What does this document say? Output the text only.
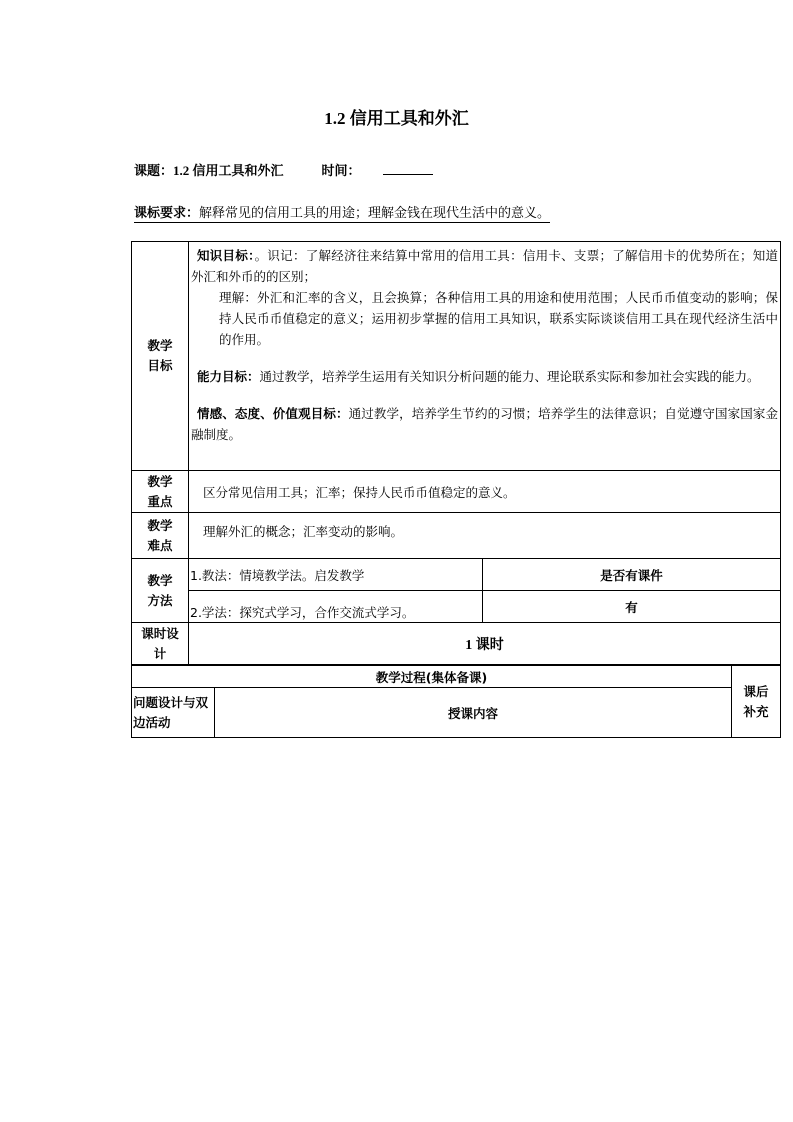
1.2 信用工具和外汇
课题：1.2 信用工具和外汇	时间：
课标要求：解释常见的信用工具的用途；理解金钱在现代生活中的意义。
教学目标	知识目标：。识记：了解经济往来结算中常用的信用工具：信用卡、支票；了解信用卡的优势所在；知道外汇和外币的的区别；

理解：外汇和汇率的含义，且会换算；各种信用工具的用途和使用范围；人民币币值变动的影响；保持人民币币值稳定的意义；运用初步掌握的信用工具知识，联系实际谈谈信用工具在现代经济生活中的作用。

能力目标：通过教学，培养学生运用有关知识分析问题的能力、理论联系实际和参加社会实践的能力。

情感、态度、价值观目标：通过教学，培养学生节约的习惯；培养学生的法律意识；自觉遵守国家国家金融制度。	

教学重点	区分常见信用工具；汇率；保持人民币币值稳定的意义。	
教学难点	理解外汇的概念；汇率变动的影响。	
教学方法	1.教法：情境教学法。启发教学	是否有课件
	2.学法：探究式学习，合作交流式学习。	有
课时设计	1 课时	
教学过程(集体备课)		课后补充
问题设计与双边活动	授课内容	
